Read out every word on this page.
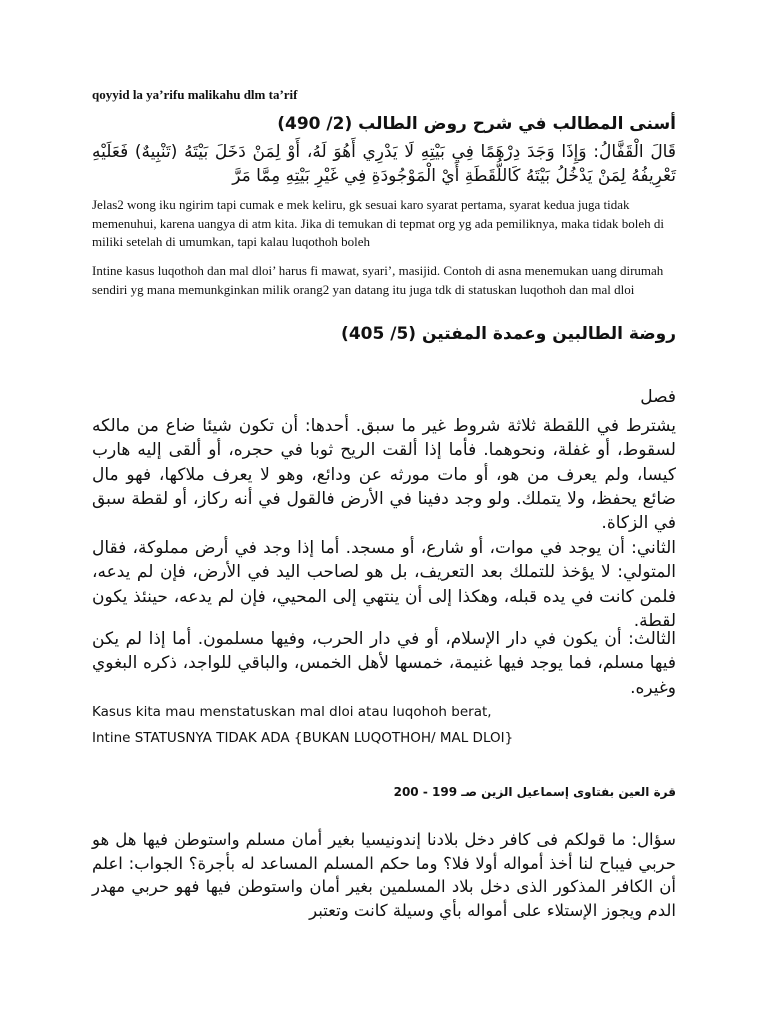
qoyyid la ya’rifu malikahu dlm ta’rif

أسنى المطالب في شرح روض الطالب (2/ 490)

قَالَ الْقَفَّالُ: وَإِذَا وَجَدَ دِرْهَمًا فِي بَيْتِهِ لَا يَدْرِي أَهُوَ لَهُ، أَوْ لِمَنْ دَخَلَ بَيْتَهُ (تَنْبِيهٌ) فَعَلَيْهِ تَعْرِيفُهُ لِمَنْ يَدْخُلُ بَيْتَهُ كَاللُّقَطَةِ أَيْ الْمَوْجُودَةِ فِي غَيْرِ بَيْتِهِ مِمَّا مَرَّ

Jelas2 wong iku ngirim tapi cumak e mek keliru, gk sesuai karo syarat pertama, syarat kedua juga tidak memenuhui, karena uangya di atm kita. Jika di temukan di tepmat org yg ada pemiliknya, maka tidak boleh di miliki setelah di umumkan, tapi kalau luqothoh boleh

Intine kasus luqothoh dan mal dloi’ harus fi mawat, syari’, masijid. Contoh di asna menemukan uang dirumah sendiri yg mana memunkginkan milik orang2 yan datang itu juga tdk di statuskan luqothoh dan mal dloi

روضة الطالبين وعمدة المفتين (5/ 405)

فصل

يشترط في اللقطة ثلاثة شروط غير ما سبق. أحدها: أن تكون شيئا ضاع من مالكه لسقوط، أو غفلة، ونحوهما. فأما إذا ألقت الريح ثوبا في حجره، أو ألقى إليه هارب كيسا، ولم يعرف من هو، أو مات مورثه عن ودائع، وهو لا يعرف ملاكها، فهو مال ضائع يحفظ، ولا يتملك. ولو وجد دفينا في الأرض فالقول في أنه ركاز، أو لقطة سبق في الزكاة.

الثاني: أن يوجد في موات، أو شارع، أو مسجد. أما إذا وجد في أرض مملوكة، فقال المتولي: لا يؤخذ للتملك بعد التعريف، بل هو لصاحب اليد في الأرض، فإن لم يدعه، فلمن كانت في يده قبله، وهكذا إلى أن ينتهي إلى المحيي، فإن لم يدعه، حينئذ يكون لقطة.

الثالث: أن يكون في دار الإسلام، أو في دار الحرب، وفيها مسلمون. أما إذا لم يكن فيها مسلم، فما يوجد فيها غنيمة، خمسها لأهل الخمس، والباقي للواجد، ذكره البغوي وغيره.

Kasus kita mau menstatuskan mal dloi atau luqohoh berat,

Intine STATUSNYA TIDAK ADA {BUKAN LUQOTHOH/ MAL DLOI}

قرة العين بفتاوى إسماعيل الزين صـ 199 - 200

سؤال: ما قولكم فى كافر دخل بلادنا إندونيسيا بغير أمان مسلم واستوطن فيها هل هو حربي فيباح لنا أخذ أمواله أولا فلا؟ وما حكم المسلم المساعد له بأجرة؟ الجواب: اعلم أن الكافر المذكور الذى دخل بلاد المسلمين بغير أمان واستوطن فيها فهو حربي مهدر الدم ويجوز الإستلاء على أمواله بأي وسيلة كانت وتعتبر
